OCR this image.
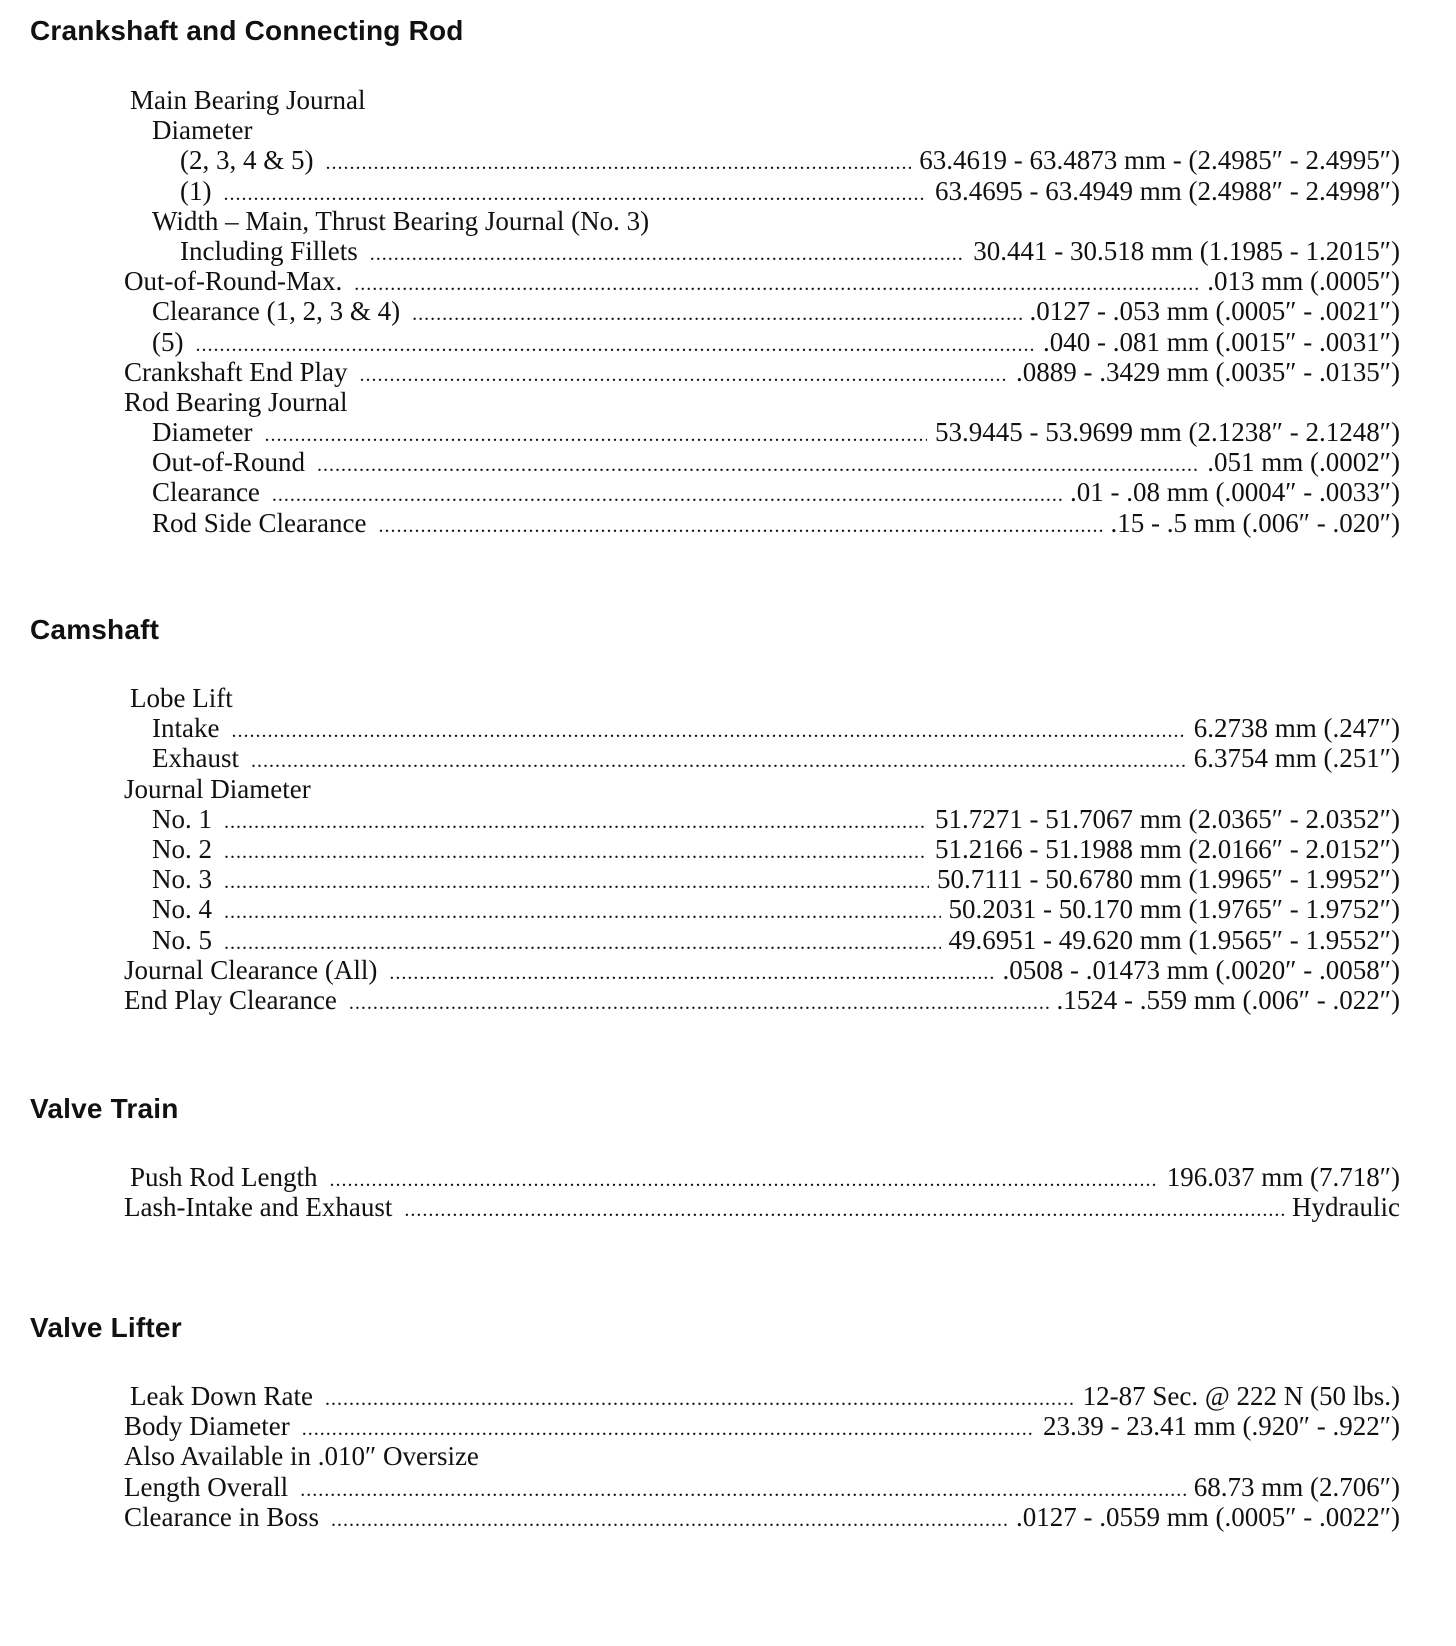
Crankshaft and Connecting Rod
Main Bearing Journal
Diameter
(2, 3, 4 & 5) .....	63.4619 - 63.4873 mm - (2.4985″ - 2.4995″)
(1) .....	63.4695 - 63.4949 mm (2.4988″ - 2.4998″)
Width – Main, Thrust Bearing Journal (No. 3)
Including Fillets .....	30.441 - 30.518 mm (1.1985 - 1.2015″)
Out-of-Round-Max. .....	.013 mm (.0005″)
Clearance (1, 2, 3 & 4) .....	.0127 - .053 mm (.0005″ - .0021″)
(5) .....	.040 - .081 mm (.0015″ - .0031″)
Crankshaft End Play .....	.0889 - .3429 mm (.0035″ - .0135″)
Rod Bearing Journal
Diameter .....	53.9445 - 53.9699 mm (2.1238″ - 2.1248″)
Out-of-Round .....	.051 mm (.0002″)
Clearance .....	.01 - .08 mm (.0004″ - .0033″)
Rod Side Clearance .....	.15 - .5 mm (.006″ - .020″)
Camshaft
Lobe Lift
Intake .....	6.2738 mm (.247″)
Exhaust .....	6.3754 mm (.251″)
Journal Diameter
No. 1 .....	51.7271 - 51.7067 mm (2.0365″ - 2.0352″)
No. 2 .....	51.2166 - 51.1988 mm (2.0166″ - 2.0152″)
No. 3 .....	50.7111 - 50.6780 mm (1.9965″ - 1.9952″)
No. 4 .....	50.2031 - 50.170 mm (1.9765″ - 1.9752″)
No. 5 .....	49.6951 - 49.620 mm (1.9565″ - 1.9552″)
Journal Clearance (All) .....	.0508 - .01473 mm (.0020″ - .0058″)
End Play Clearance .....	.1524 - .559 mm (.006″ - .022″)
Valve Train
Push Rod Length .....	196.037 mm (7.718″)
Lash-Intake and Exhaust .....	Hydraulic
Valve Lifter
Leak Down Rate .....	12-87 Sec. @ 222 N (50 lbs.)
Body Diameter .....	23.39 - 23.41 mm (.920″ - .922″)
Also Available in .010″ Oversize
Length Overall .....	68.73 mm (2.706″)
Clearance in Boss .....	.0127 - .0559 mm (.0005″ - .0022″)
